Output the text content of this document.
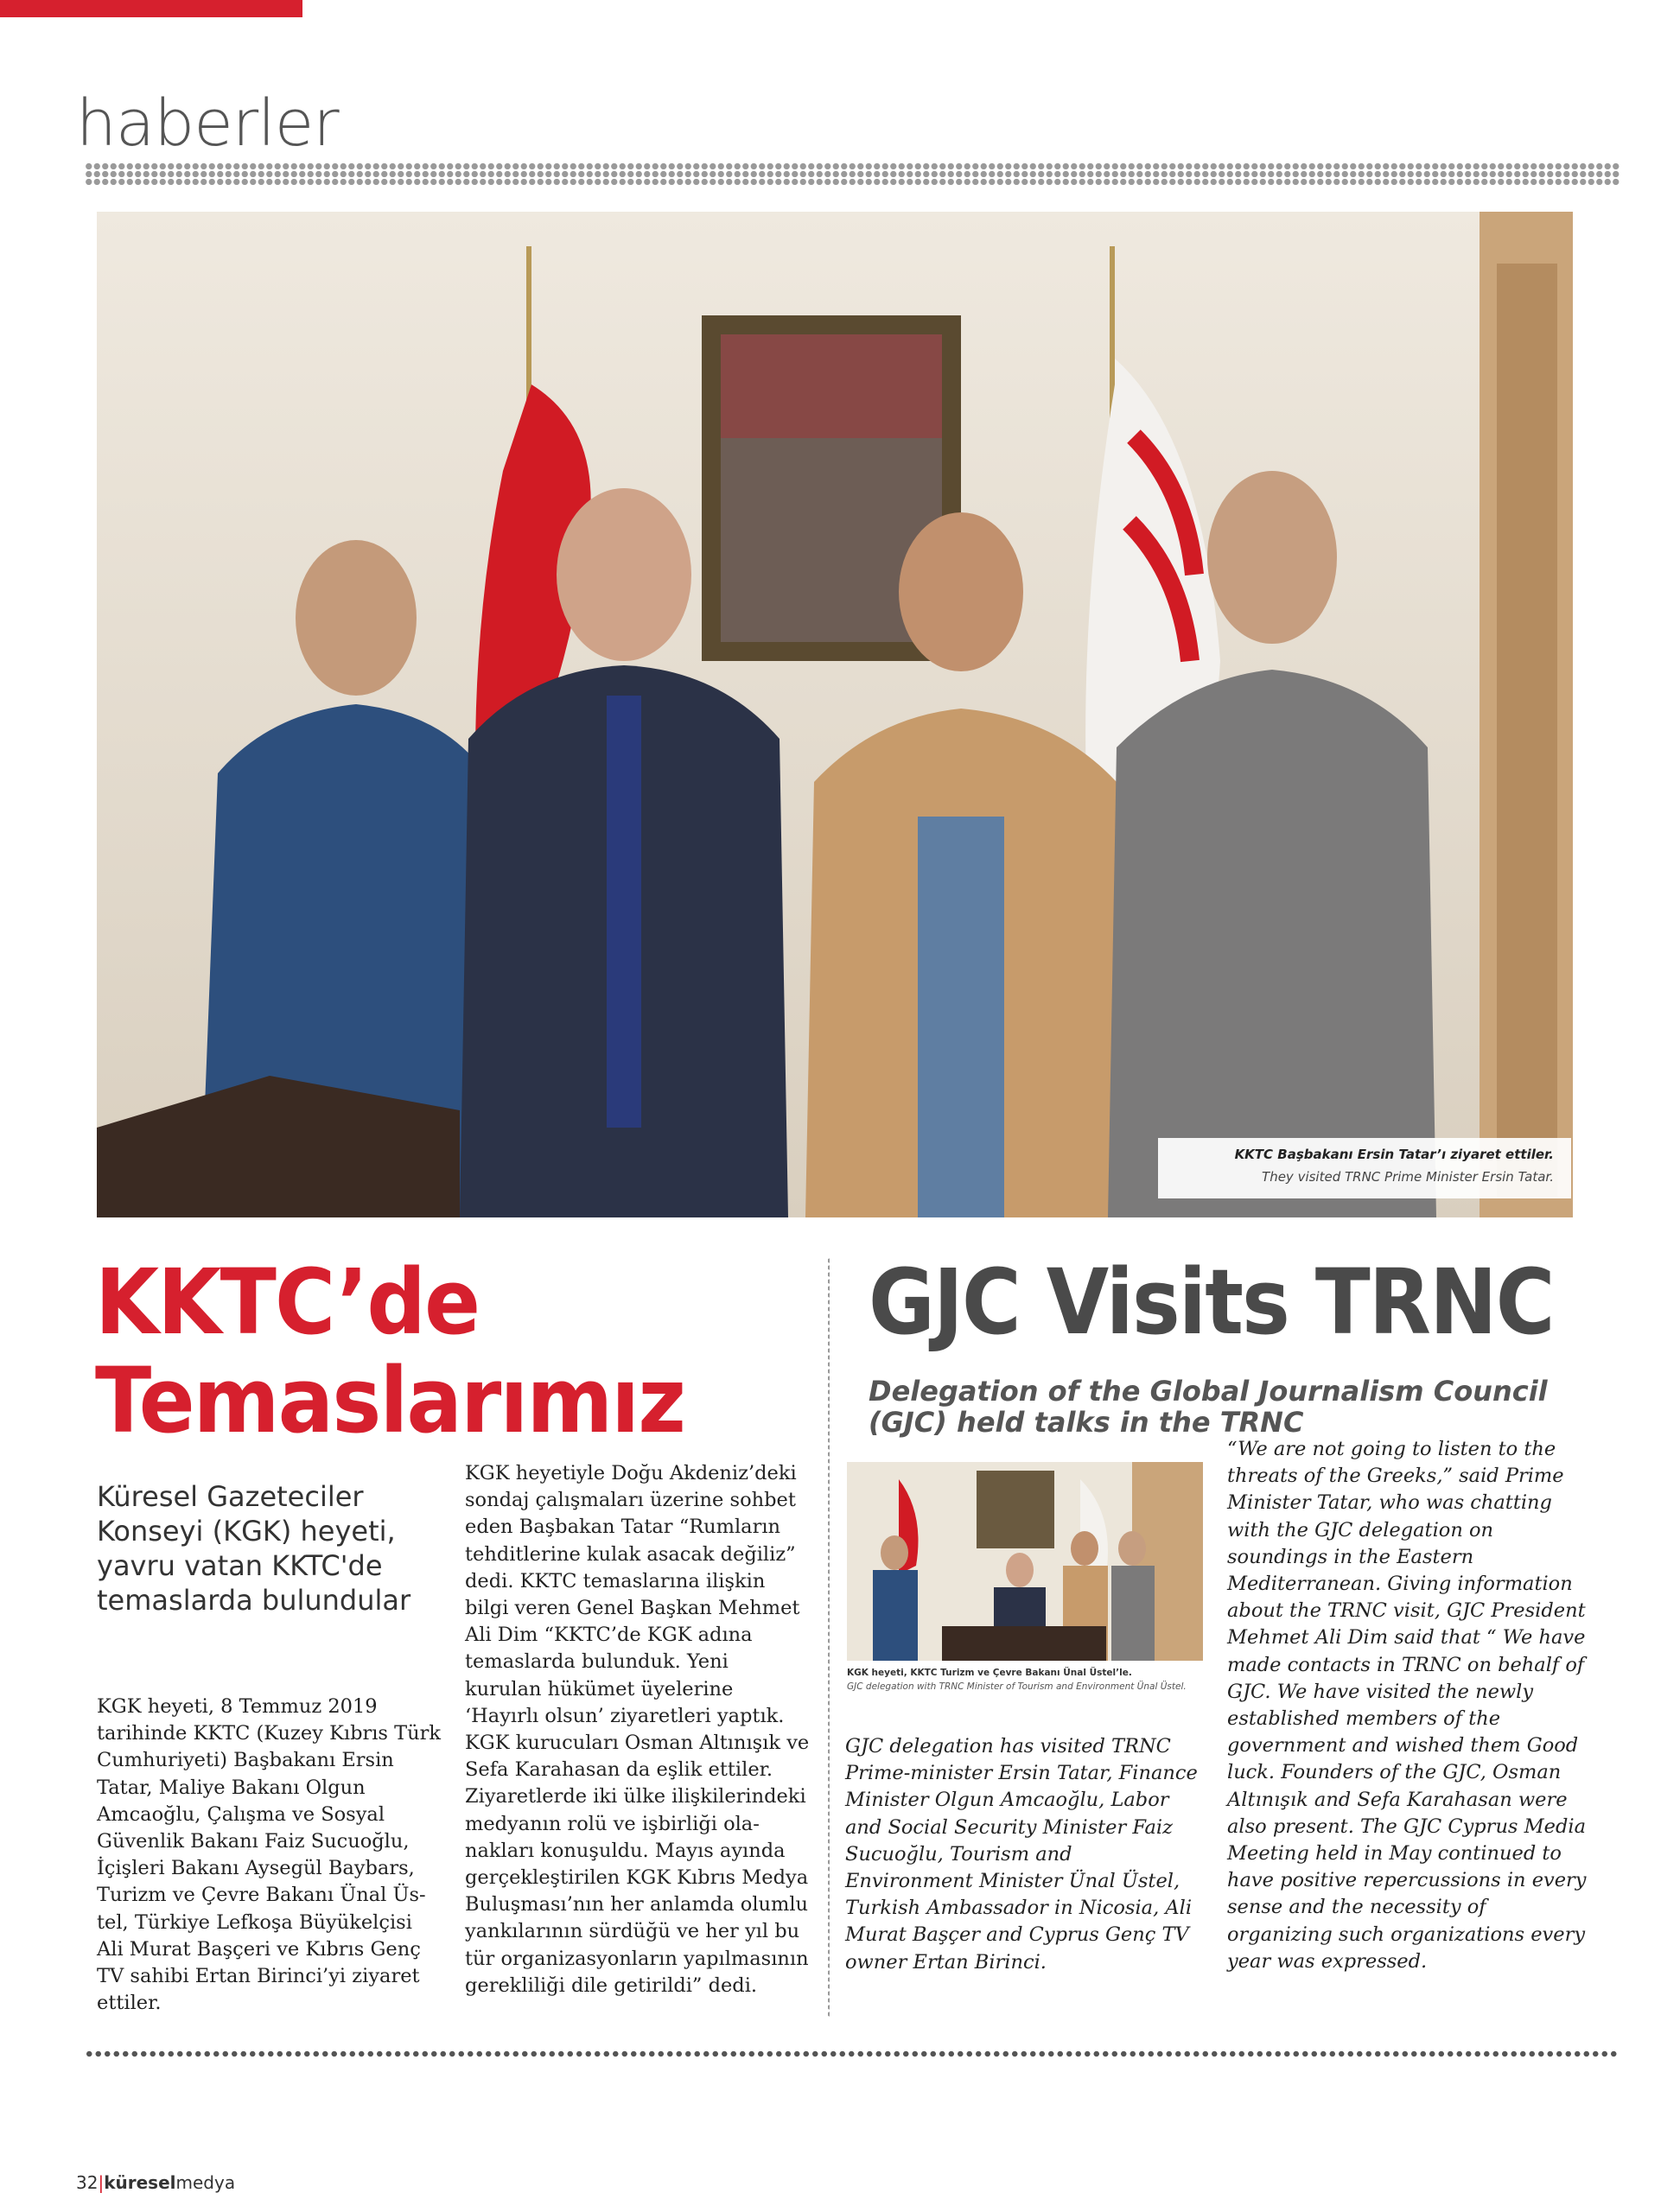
haberler
KKTC Başbakanı Ersin Tatar’ı ziyaret ettiler.
They visited TRNC Prime Minister Ersin Tatar.
KKTC’de
Temaslarımız
Küresel Gazeteciler Konseyi (KGK) heyeti, yavru vatan KKTC'de temaslarda bulundular
KGK heyeti, 8 Temmuz 2019 tarihinde KKTC (Kuzey Kıbrıs Türk Cumhuriyeti) Başbakanı Ersin Tatar, Maliye Bakanı Olgun Amcaoğlu, Çalışma ve Sosyal Güvenlik Bakanı Faiz Sucuoğlu, İçişleri Bakanı Aysegül Baybars, Turizm ve Çevre Bakanı Ünal Üstel, Türkiye Lefkoşa Büyükelçisi Ali Murat Başçeri ve Kıbrıs Genç TV sahibi Ertan Birinci’yi ziyaret ettiler.
KGK heyetiyle Doğu Akdeniz’deki sondaj çalışmaları üzerine sohbet eden Başbakan Tatar “Rumların tehditlerine kulak asacak değiliz” dedi. KKTC temaslarına ilişkin bilgi veren Genel Başkan Mehmet Ali Dim “KKTC’de KGK adına temaslarda bulunduk. Yeni kurulan hükümet üyelerine ‘Hayırlı olsun’ ziyaretleri yaptık. KGK kurucuları Osman Altınışık ve Sefa Karahasan da eşlik ettiler. Ziyaretlerde iki ülke ilişkilerindeki medyanın rolü ve işbirliği olanakları konuşuldu. Mayıs ayında gerçekleştirilen KGK Kıbrıs Medya Buluşması’nın her anlamda olumlu yankılarının sürdüğü ve her yıl bu tür organizasyonların yapılmasının gerekliliği dile getirildi” dedi.
GJC Visits TRNC
Delegation of the Global Journalism Council (GJC) held talks in the TRNC
KGK heyeti, KKTC Turizm ve Çevre Bakanı Ünal Üstel’le.
GJC delegation with TRNC Minister of Tourism and Environment Ünal Üstel.
GJC delegation has visited TRNC Prime-minister Ersin Tatar, Finance Minister Olgun Amcaoğlu, Labor and Social Security Minister Faiz Sucuoğlu, Tourism and Environment Minister Ünal Üstel, Turkish Ambassador in Nicosia, Ali Murat Başçer and Cyprus Genç TV owner Ertan Birinci.
“We are not going to listen to the threats of the Greeks,” said Prime Minister Tatar, who was chatting with the GJC delegation on soundings in the Eastern Mediterranean. Giving information about the TRNC visit, GJC President Mehmet Ali Dim said that “ We have made contacts in TRNC on behalf of GJC. We have visited the newly established members of the government and wished them Good luck. Founders of the GJC, Osman Altınışık and Sefa Karahasan were also present. The GJC Cyprus Media Meeting held in May continued to have positive repercussions in every sense and the necessity of organizing such organizations every year was expressed.
32|küreselmedya
